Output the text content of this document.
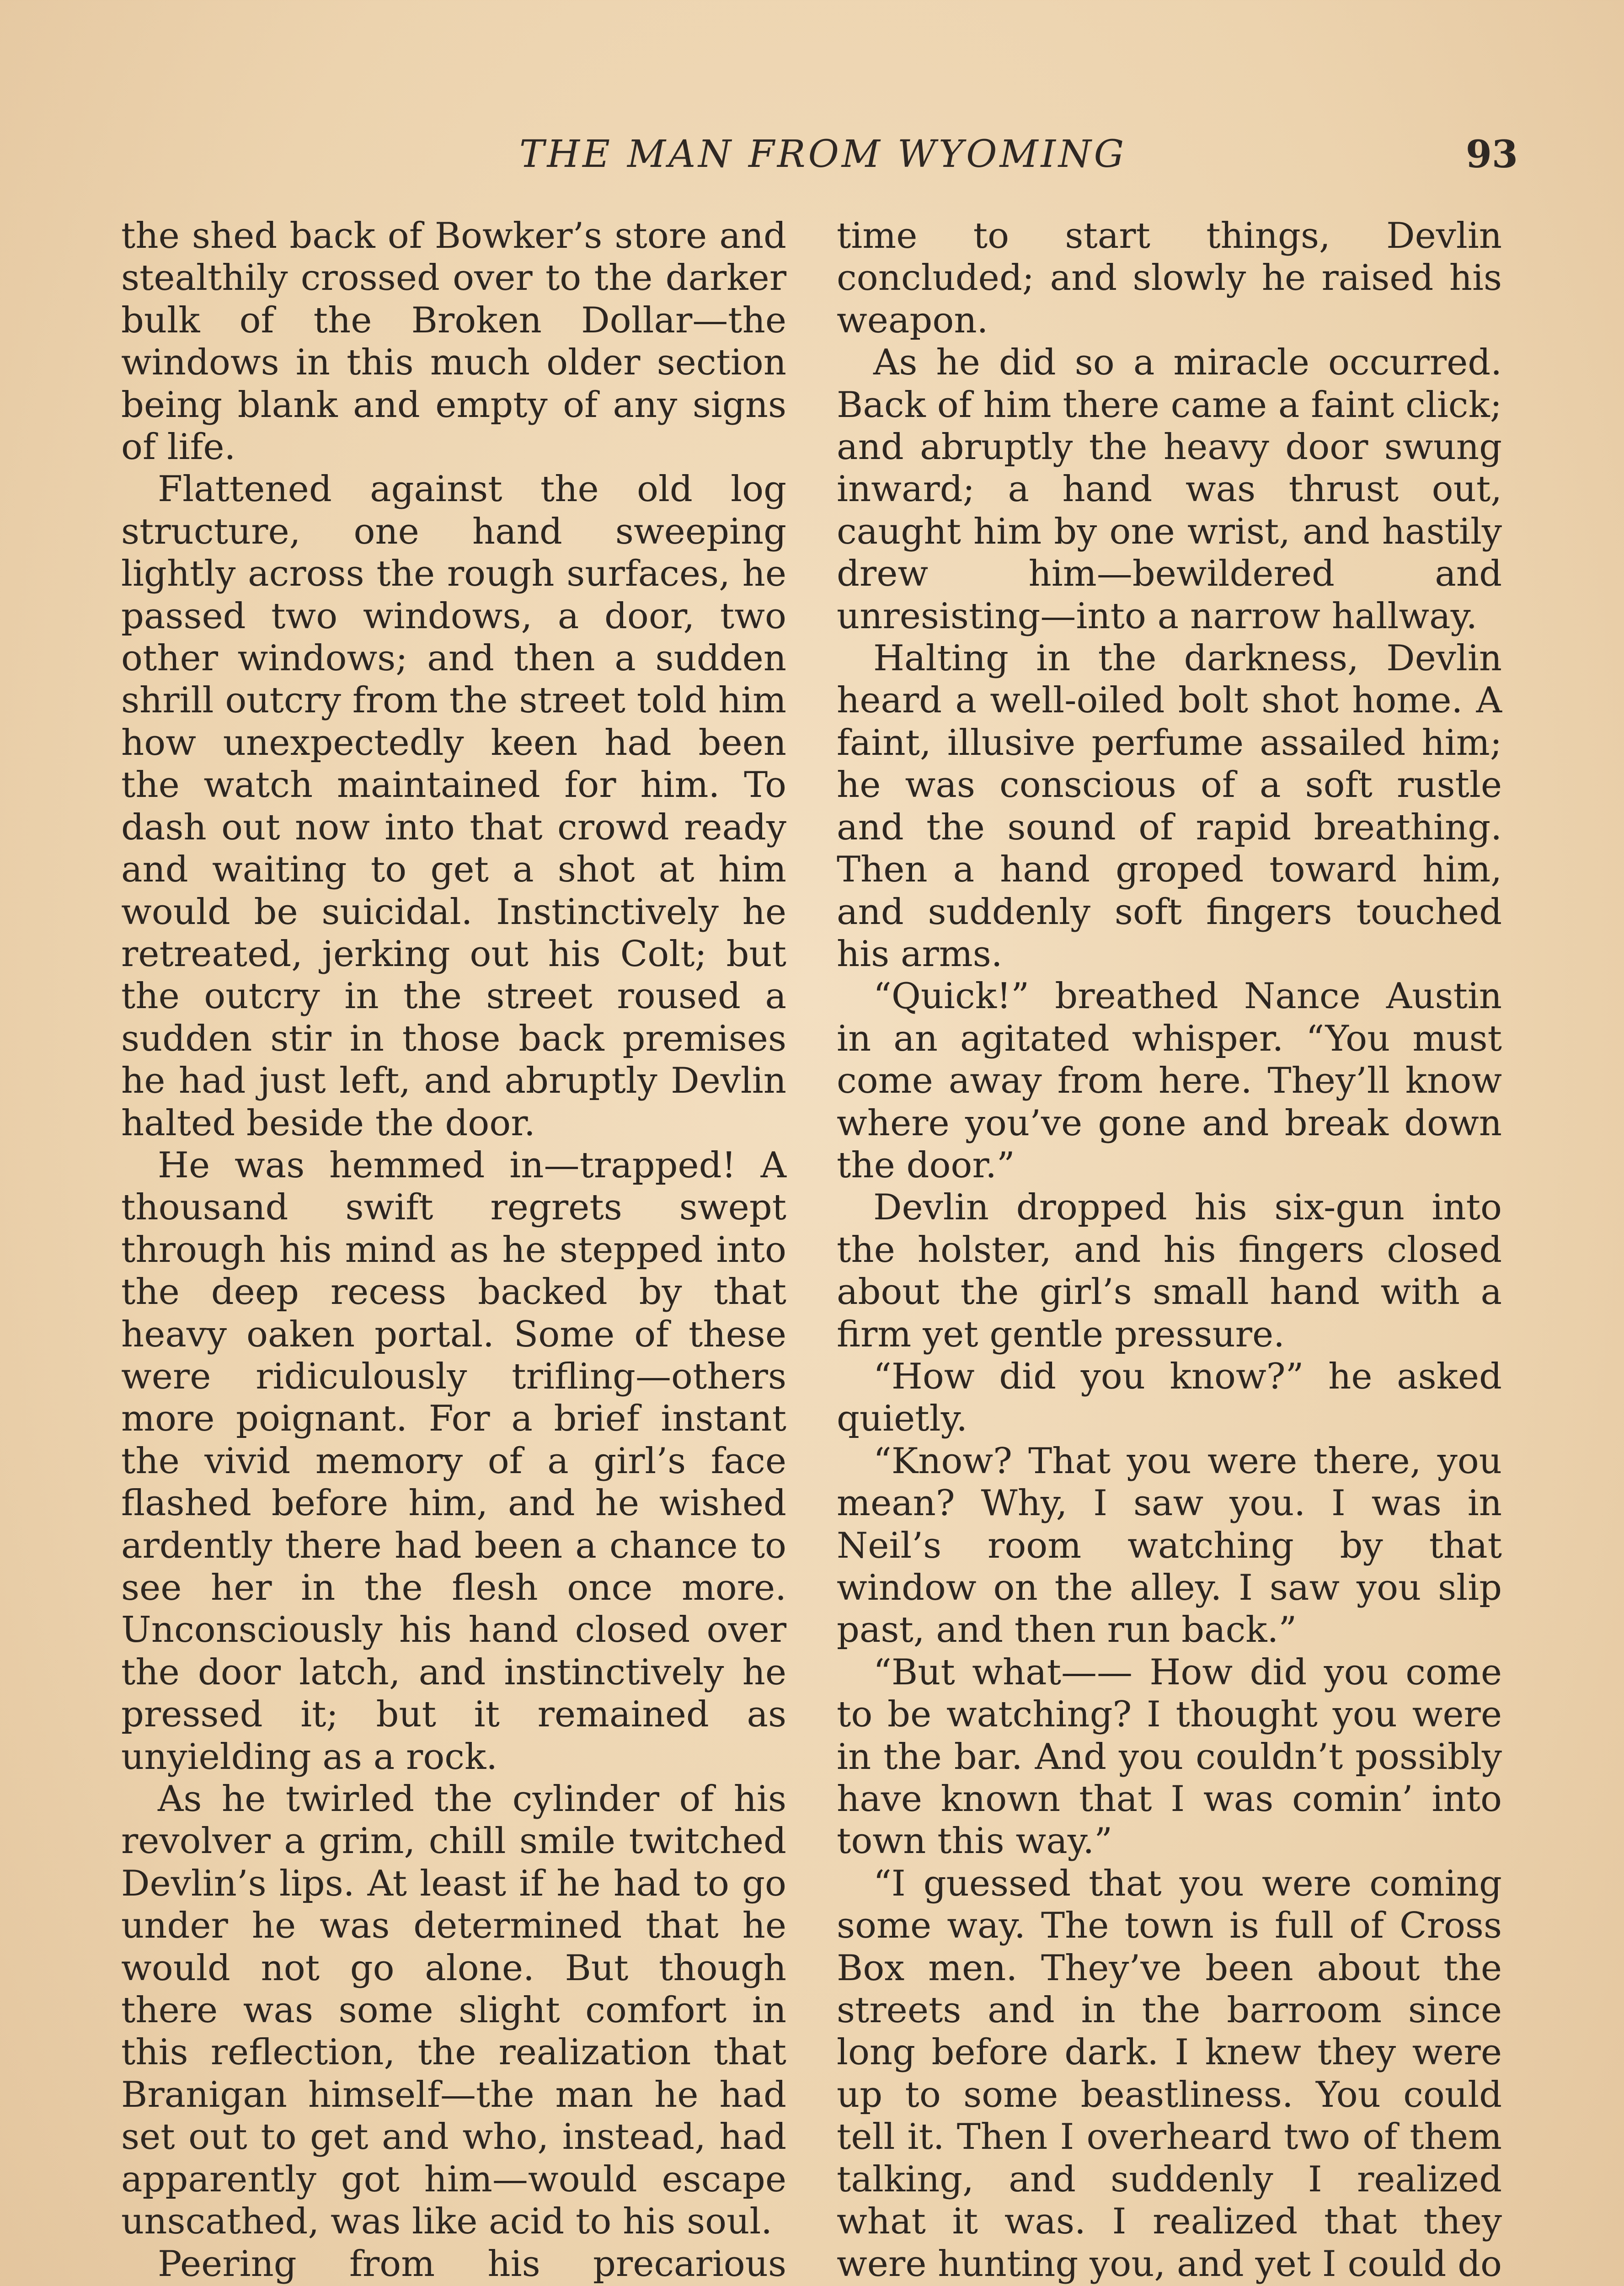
THE MAN FROM WYOMING	93

the shed back of Bowker’s store and stealthily crossed over to the darker bulk of the Broken Dollar—the windows in this much older section being blank and empty of any signs of life.

Flattened against the old log structure, one hand sweeping lightly across the rough surfaces, he passed two windows, a door, two other windows; and then a sudden shrill outcry from the street told him how unexpectedly keen had been the watch maintained for him. To dash out now into that crowd ready and waiting to get a shot at him would be suicidal. Instinctively he retreated, jerking out his Colt; but the outcry in the street roused a sudden stir in those back premises he had just left, and abruptly Devlin halted beside the door.

He was hemmed in—trapped! A thousand swift regrets swept through his mind as he stepped into the deep recess backed by that heavy oaken portal. Some of these were ridiculously trifling—others more poignant. For a brief instant the vivid memory of a girl’s face flashed before him, and he wished ardently there had been a chance to see her in the flesh once more. Unconsciously his hand closed over the door latch, and instinctively he pressed it; but it remained as unyielding as a rock.

As he twirled the cylinder of his revolver a grim, chill smile twitched Devlin’s lips. At least if he had to go under he was determined that he would not go alone. But though there was some slight comfort in this reflection, the realization that Branigan himself—the man he had set out to get and who, instead, had apparently got him—would escape unscathed, was like acid to his soul.

Peering from his precarious

time to start things, Devlin concluded; and slowly he raised his weapon.

As he did so a miracle occurred. Back of him there came a faint click; and abruptly the heavy door swung inward; a hand was thrust out, caught him by one wrist, and hastily drew him—bewildered and unresisting—into a narrow hallway.

Halting in the darkness, Devlin heard a well-oiled bolt shot home. A faint, illusive perfume assailed him; he was conscious of a soft rustle and the sound of rapid breathing. Then a hand groped toward him, and suddenly soft fingers touched his arms.

“Quick!” breathed Nance Austin in an agitated whisper. “You must come away from here. They’ll know where you’ve gone and break down the door.”

Devlin dropped his six-gun into the holster, and his fingers closed about the girl’s small hand with a firm yet gentle pressure.

“How did you know?” he asked quietly.

“Know? That you were there, you mean? Why, I saw you. I was in Neil’s room watching by that window on the alley. I saw you slip past, and then run back.”

“But what—— How did you come to be watching? I thought you were in the bar. And you couldn’t possibly have known that I was comin’ into town this way.”

“I guessed that you were coming some way. The town is full of Cross Box men. They’ve been about the streets and in the barroom since long before dark. I knew they were up to some beastliness. You could tell it. Then I overheard two of them talking, and suddenly I realized what it was. I realized that they were hunting you, and yet I could do
